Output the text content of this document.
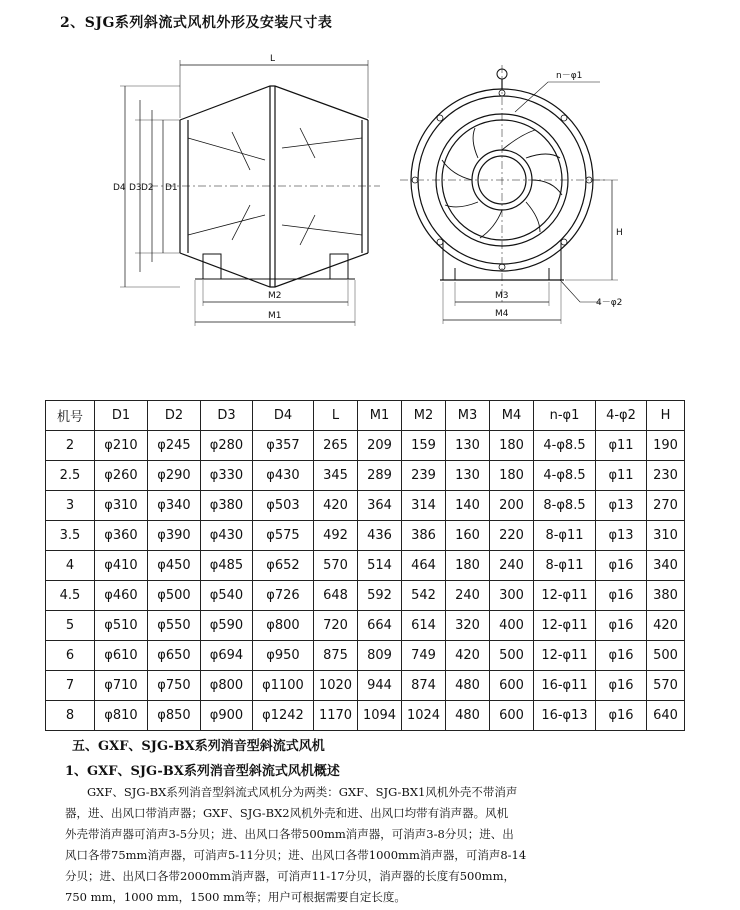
2、SJG系列斜流式风机外形及安装尺寸表
L
D4 D3 D2 D1
M2
M1
n－φ1
H
M3
M4
4－φ2
机号	D1	D2	D3	D4	L	M1	M2	M3	M4	n-φ1	4-φ2	H
2	φ210	φ245	φ280	φ357	265	209	159	130	180	4-φ8.5	φ11	190
2.5	φ260	φ290	φ330	φ430	345	289	239	130	180	4-φ8.5	φ11	230
3	φ310	φ340	φ380	φ503	420	364	314	140	200	8-φ8.5	φ13	270
3.5	φ360	φ390	φ430	φ575	492	436	386	160	220	8-φ11	φ13	310
4	φ410	φ450	φ485	φ652	570	514	464	180	240	8-φ11	φ16	340
4.5	φ460	φ500	φ540	φ726	648	592	542	240	300	12-φ11	φ16	380
5	φ510	φ550	φ590	φ800	720	664	614	320	400	12-φ11	φ16	420
6	φ610	φ650	φ694	φ950	875	809	749	420	500	12-φ11	φ16	500
7	φ710	φ750	φ800	φ1100	1020	944	874	480	600	16-φ11	φ16	570
8	φ810	φ850	φ900	φ1242	1170	1094	1024	480	600	16-φ13	φ16	640
五、GXF、SJG-BX系列消音型斜流式风机
1、GXF、SJG-BX系列消音型斜流式风机概述
GXF、SJG-BX系列消音型斜流式风机分为两类：GXF、SJG-BX1风机外壳不带消声
器，进、出风口带消声器；GXF、SJG-BX2风机外壳和进、出风口均带有消声器。风机
外壳带消声器可消声3-5分贝；进、出风口各带500mm消声器，可消声3-8分贝；进、出
风口各带75mm消声器，可消声5-11分贝；进、出风口各带1000mm消声器，可消声8-14
分贝；进、出风口各带2000mm消声器，可消声11-17分贝，消声器的长度有500mm，
750 mm，1000 mm，1500 mm等；用户可根据需要自定长度。
